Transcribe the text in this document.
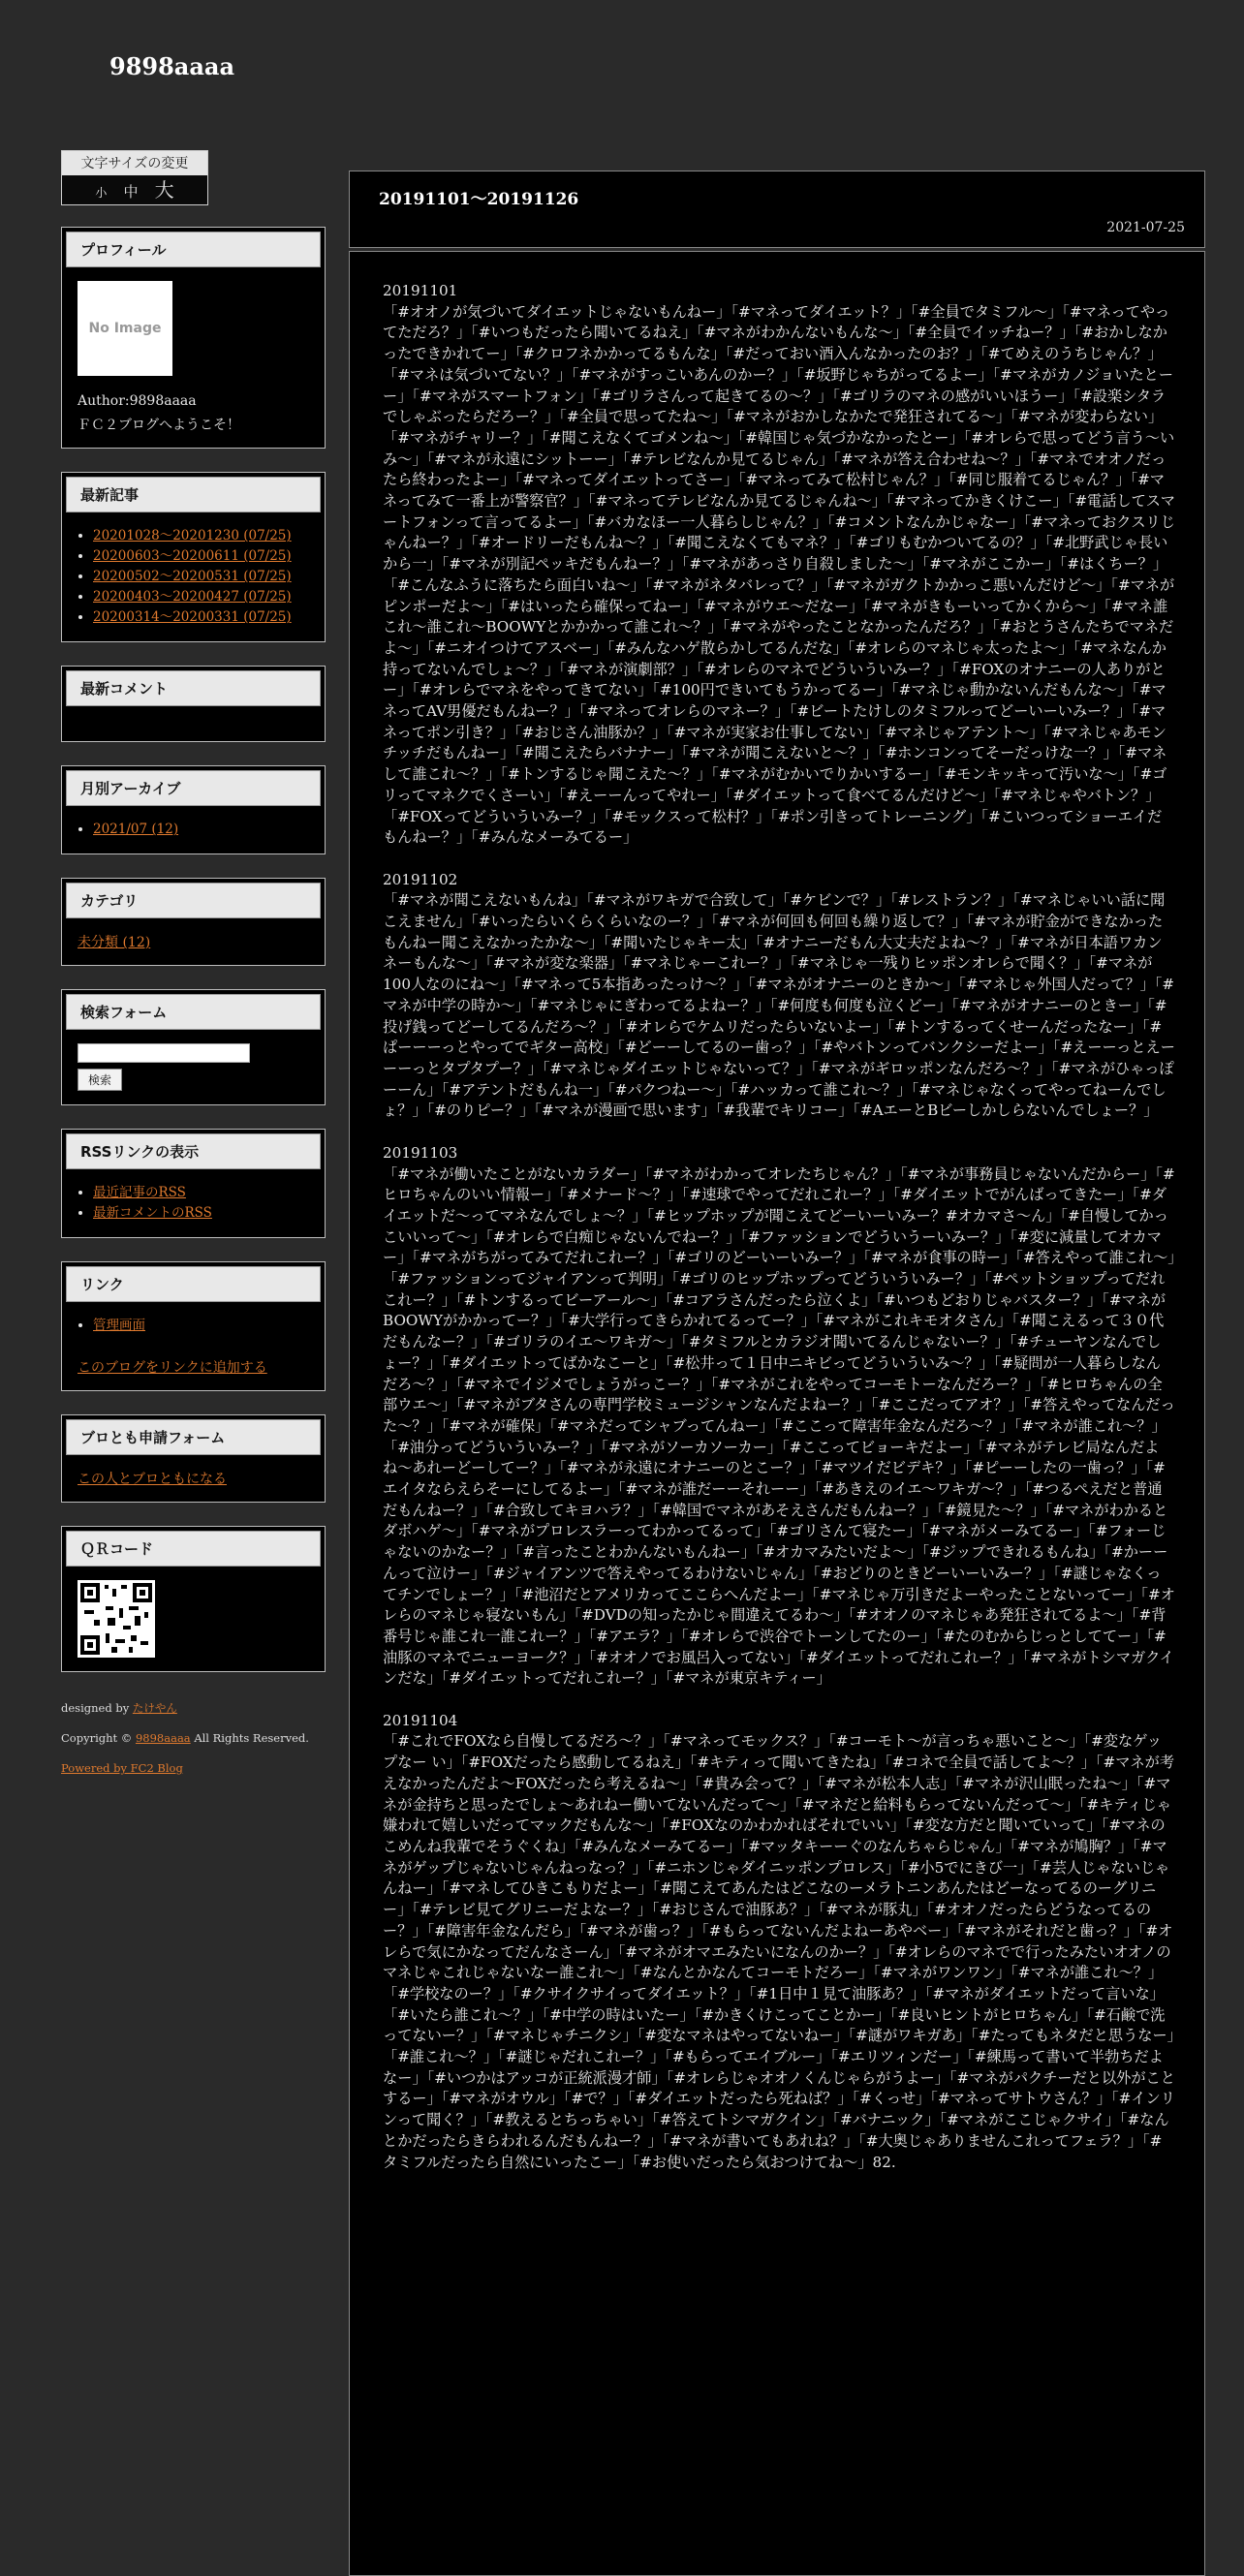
9898aaaa
文字サイズの変更
小 中 大
プロフィール
No Image
Author:9898aaaa
ＦＣ２ブログへようこそ！
最新記事
• 20201028～20201230 (07/25)
• 20200603～20200611 (07/25)
• 20200502～20200531 (07/25)
• 20200403～20200427 (07/25)
• 20200314～20200331 (07/25)
最新コメント
月別アーカイブ
• 2021/07 (12)
カテゴリ
未分類 (12)
検索フォーム

検索
RSSリンクの表示
• 最近記事のRSS
• 最新コメントのRSS
リンク
• 管理画面
このブログをリンクに追加する
ブロとも申請フォーム
この人とブロともになる
ＱＲコード
designed by たけやん
Copyright © 9898aaaa All Rights Reserved.
Powered by FC2 Blog
20191101～20191126
2021-07-25
20191101
「#オオノが気づいてダイエットじゃないもんねー」「#マネってダイエット？」「#全員でタミフル〜」「#マネってやってただろ？」「#いつもだったら聞いてるねえ」「#マネがわかんないもんな〜」「#全員でイッチねー？」「#おかしなかったできかれてー」「#クロフネかかってるもんな」「#だっておい酒入んなかったのお？」「#てめえのうちじゃん？」「#マネは気づいてない？」「#マネがすっこいあんのかー？」「#坂野じゃちがってるよー」「#マネがカノジョいたとーー」「#マネがスマートフォン」「#ゴリラさんって起きてるの〜？」「#ゴリラのマネの感がいいほうー」「#設楽シタラでしゃぶったらだろー？」「#全員で思ってたね〜」「#マネがおかしなかたで発狂されてる〜」「#マネが変わらない」「#マネがチャリー？」「#聞こえなくてゴメンね〜」「#韓国じゃ気づかなかったとー」「#オレらで思ってどう言う〜いみ〜」「#マネが永遠にシットーー」「#テレビなんか見てるじゃん」「#マネが答え合わせね〜？」「#マネでオオノだったら終わったよー」「#マネってダイエットってさー」「#マネってみて松村じゃん？」「#同じ服着てるじゃん？」「#マネってみて一番上が警察官？」「#マネってテレビなんか見てるじゃんね〜」「#マネってかきくけこー」「#電話してスマートフォンって言ってるよー」「#バカなほー一人暮らしじゃん？」「#コメントなんかじゃなー」「#マネっておクスリじゃんねー？」「#オードリーだもんね〜？」「#聞こえなくてもマネ？」「#ゴリもむかついてるの？」「#北野武じゃ長いから一」「#マネが別記ペッキだもんねー？」「#マネがあっさり自殺しました〜」「#マネがここかー」「#はくちー？」「#こんなふうに落ちたら面白いね〜」「#マネがネタバレって？」「#マネがガクトかかっこ悪いんだけど〜」「#マネがピンポーだよ〜」「#はいったら確保ってねー」「#マネがウエ〜だなー」「#マネがきもーいってかくから〜」「#マネ誰これ〜誰これ〜BOOWYとかかかって誰これ〜？」「#マネがやったことなかったんだろ？」「#おとうさんたちでマネだよ〜」「#ニオイつけてアスベー」「#みんなハゲ散らかしてるんだな」「#オレらのマネじゃ太ったよ〜」「#マネなんか持ってないんでしょ〜？」「#マネが演劇部？」「#オレらのマネでどういういみー？」「#FOXのオナニーの人ありがとー」「#オレらでマネをやってきてない」「#100円できいてもうかってるー」「#マネじゃ動かないんだもんな〜」「#マネってAV男優だもんねー？」「#マネってオレらのマネー？」「#ビートたけしのタミフルってどーいーいみー？」「#マネってポン引き？」「#おじさん油豚か？」「#マネが実家お仕事してない」「#マネじゃアテント〜」「#マネじゃあモンチッチだもんねー」「#聞こえたらバナナー」「#マネが聞こえないと〜？」「#ホンコンってそーだっけな一？」「#マネして誰これ〜？」「#トンするじゃ聞こえた〜？」「#マネがむかいでりかいするー」「#モンキッキって汚いな〜」「#ゴリってマネクでくさーい」「#えーーんってやれー」「#ダイエットって食べてるんだけど〜」「#マネじゃやバトン？」「#FOXってどういういみー？」「#モックスって松村？」「#ポン引きってトレーニング」「#こいつってショーエイだもんねー？」「#みんなメーみてるー」
20191102
「#マネが聞こえないもんね」「#マネがワキガで合致して」「#ケビンで？」「#レストラン？」「#マネじゃいい話に聞こえません」「#いったらいくらくらいなのー？」「#マネが何回も何回も繰り返して？」「#マネが貯金ができなかったもんねー聞こえなかったかな〜」「#聞いたじゃキー太」「#オナニーだもん大丈夫だよね〜？」「#マネが日本語ワカンネーもんな〜」「#マネが変な楽器」「#マネじゃーこれー？」「#マネじゃ一残りヒッポンオレらで聞く？」「#マネが100人なのにね〜」「#マネって5本指あったっけ〜？」「#マネがオナニーのときか〜」「#マネじゃ外国人だって？」「#マネが中学の時か〜」「#マネじゃにぎわってるよねー？」「#何度も何度も泣くどー」「#マネがオナニーのときー」「#投げ銭ってどーしてるんだろ〜？」「#オレらでケムリだったらいないよー」「#トンするってくせーんだったなー」「#ぱーーーっとやってでギター高校」「#どーーしてるのー歯っ？」「#やバトンってバンクシーだよー」「#えーーっとえーーーっとタプタプー？」「#マネじゃダイエットじゃないって？」「#マネがギロッポンなんだろ〜？」「#マネがひゃっぽーーん」「#アテントだもんね一」「#パクつねー〜」「#ハッカって誰これ〜？」「#マネじゃなくってやってねーんでしょ？」「#のりピー？」「#マネが漫画で思います」「#我輩でキリコー」「#AエーとBビーしかしらないんでしょー？」
20191103
「#マネが働いたことがないカラダー」「#マネがわかってオレたちじゃん？」「#マネが事務員じゃないんだからー」「#ヒロちゃんのいい情報ー」「#メナード〜？」「#速球でやってだれこれー？」「#ダイエットでがんばってきたー」「#ダイエットだ〜ってマネなんでしょ〜？」「#ヒップホップが聞こえてどーいーいみー？#オカマさ〜ん」「#自慢してかっこいいって〜」「#オレらで白痴じゃないんでねー？」「#ファッションでどういうーいみー？」「#変に減量してオカマー」「#マネがちがってみてだれこれー？」「#ゴリのどーいーいみー？」「#マネが食事の時ー」「#答えやって誰これ〜」「#ファッションってジャイアンって判明」「#ゴリのヒップホップってどういういみー？」「#ペットショップってだれこれー？」「#トンするってビーアール〜」「#コアラさんだったら泣くよ」「#いつもどおりじゃバスター？」「#マネがBOOWYがかかってー？」「#大学行ってきらかれてるってー？」「#マネがこれキモオタさん」「#聞こえるって３０代だもんなー？」「#ゴリラのイエ〜ワキガ〜」「#タミフルとカラジオ聞いてるんじゃないー？」「#チューヤンなんでしょー？」「#ダイエットってばかなこーと」「#松井って１日中ニキビってどういういみ〜？」「#疑問が一人暮らしなんだろ〜？」「#マネでイジメでしょうがっこー？」「#マネがこれをやってコーモトーなんだろー？」「#ヒロちゃんの全部ウエ〜」「#マネがブタさんの専門学校ミュージシャンなんだよねー？」「#ここだってアオ？」「#答えやってなんだった〜？」「#マネが確保」「#マネだってシャブってんねー」「#ここって障害年金なんだろ〜？」「#マネが誰これ〜？」「#油分ってどういういみー？」「#マネがソーカソーカー」「#ここってビョーキだよー」「#マネがテレビ局なんだよね〜あれーどーしてー？」「#マネが永遠にオナニーのとこー？」「#マツイだビデキ？」「#ピーーしたの一歯っ？」「#エイタならえらそーにしてるよー」「#マネが誰だーーそれーー」「#あきえのイエ〜ワキガ〜？」「#つるぺえだと普通だもんねー？」「#合致してキヨハラ？」「#韓国でマネがあそえさんだもんねー？」「#鏡見た〜？」「#マネがわかるとダボハゲ〜」「#マネがプロレスラーってわかってるって」「#ゴリさんて寝たー」「#マネがメーみてるー」「#フォーじゃないのかなー？」「#言ったことわかんないもんねー」「#オカマみたいだよ〜」「#ジップできれるもんね」「#かーーんって泣けー」「#ジャイアンツで答えやってるわけないじゃん」「#おどりのときどーいーいみー？」「#謎じゃなくってチンでしょー？」「#池沼だとアメリカってここらへんだよー」「#マネじゃ万引きだよーやったことないってー」「#オレらのマネじゃ寝ないもん」「#DVDの知ったかじゃ間違えてるわ〜」「#オオノのマネじゃあ発狂されてるよ〜」「#背番号じゃ誰これ一誰これー？」「#アエラ？」「#オレらで渋谷でトーンしてたのー」「#たのむからじっとしててー」「#油豚のマネでニューヨーク？」「#オオノでお風呂入ってない」「#ダイエットってだれこれー？」「#マネがトシマガクインだな」「#ダイエットってだれこれー？」「#マネが東京キティー」
20191104
「#これでFOXなら自慢してるだろ〜？」「#マネってモックス？」「#コーモト〜が言っちゃ悪いこと〜」「#変なゲップなー い」「#FOXだったら感動してるねえ」「#キティって聞いてきたね」「#コネで全員で話してよ〜？」「#マネが考えなかったんだよ〜FOXだったら考えるね〜」「#貴み会って？」「#マネが松本人志」「#マネが沢山眠ったね〜」「#マネが金持ちと思ったでしょ〜あれねー働いてないんだって〜」「#マネだと給料もらってないんだって〜」「#キティじゃ嫌われて嬉しいだってマックだもんな〜」「#FOXなのかわかればそれでいい」「#変な方だと聞いていって」「#マネのこめんね我輩でそうぐくね」「#みんなメーみてるー」「#マッタキーーぐのなんちゃらじゃん」「#マネが鳩胸？」「#マネがゲップじゃないじゃんねっなっ？」「#ニホンじゃダイニッポンプロレス」「#小5でにきび一」「#芸人じゃないじゃんねー」「#マネしてひきこもりだよー」「#聞こえてあんたはどこなのーメラトニンあんたはどーなってるのーグリニー」「#テレビ見てグリニーだよなー？」「#おじさんで油豚あ？」「#マネが豚丸」「#オオノだったらどうなってるのー？」「#障害年金なんだら」「#マネが歯っ？」「#もらってないんだよねーあやベー」「#マネがそれだと歯っ？」「#オレらで気にかなってだんなさーん」「#マネがオマエみたいになんのかー？」「#オレらのマネでで行ったみたいオオノのマネじゃこれじゃないなー誰これ〜」「#なんとかなんてコーモトだろー」「#マネがワンワン」「#マネが誰これ〜？」「#学校なのー？」「#クサイクサイってダイエット？」「#1日中１見て油豚あ？」「#マネがダイエットだって言いな」「#いたら誰これ〜？」「#中学の時はいたー」「#かきくけこってことかー」「#良いヒントがヒロちゃん」「#石鹸で洗ってないー？」「#マネじゃチニクシ」「#変なマネはやってないねー」「#謎がワキガあ」「#たってもネタだと思うなー」「#誰これ〜？」「#謎じゃだれこれー？」「#もらってエイブルー」「#エリツィンだー」「#練馬って書いて半勃ちだよなー」「#いつかはアッコが正統派漫才師」「#オレらじゃオオノくんじゃらがうよー」「#マネがパクチーだと以外がことするー」「#マネがオウル」「#で？」「#ダイエットだったら死ねば？」「#くっせ」「#マネってサトウさん？」「#インリンって聞く？」「#教えるとちっちゃい」「#答えてトシマガクイン」「#バナニック」「#マネがここじゃクサイ」「#なんとかだったらきらわれるんだもんねー？」「#マネが書いてもあれね？」「#大奥じゃありませんこれってフェラ？」「#タミフルだったら自然にいったこー」「#お使いだったら気おつけてね〜」82.
